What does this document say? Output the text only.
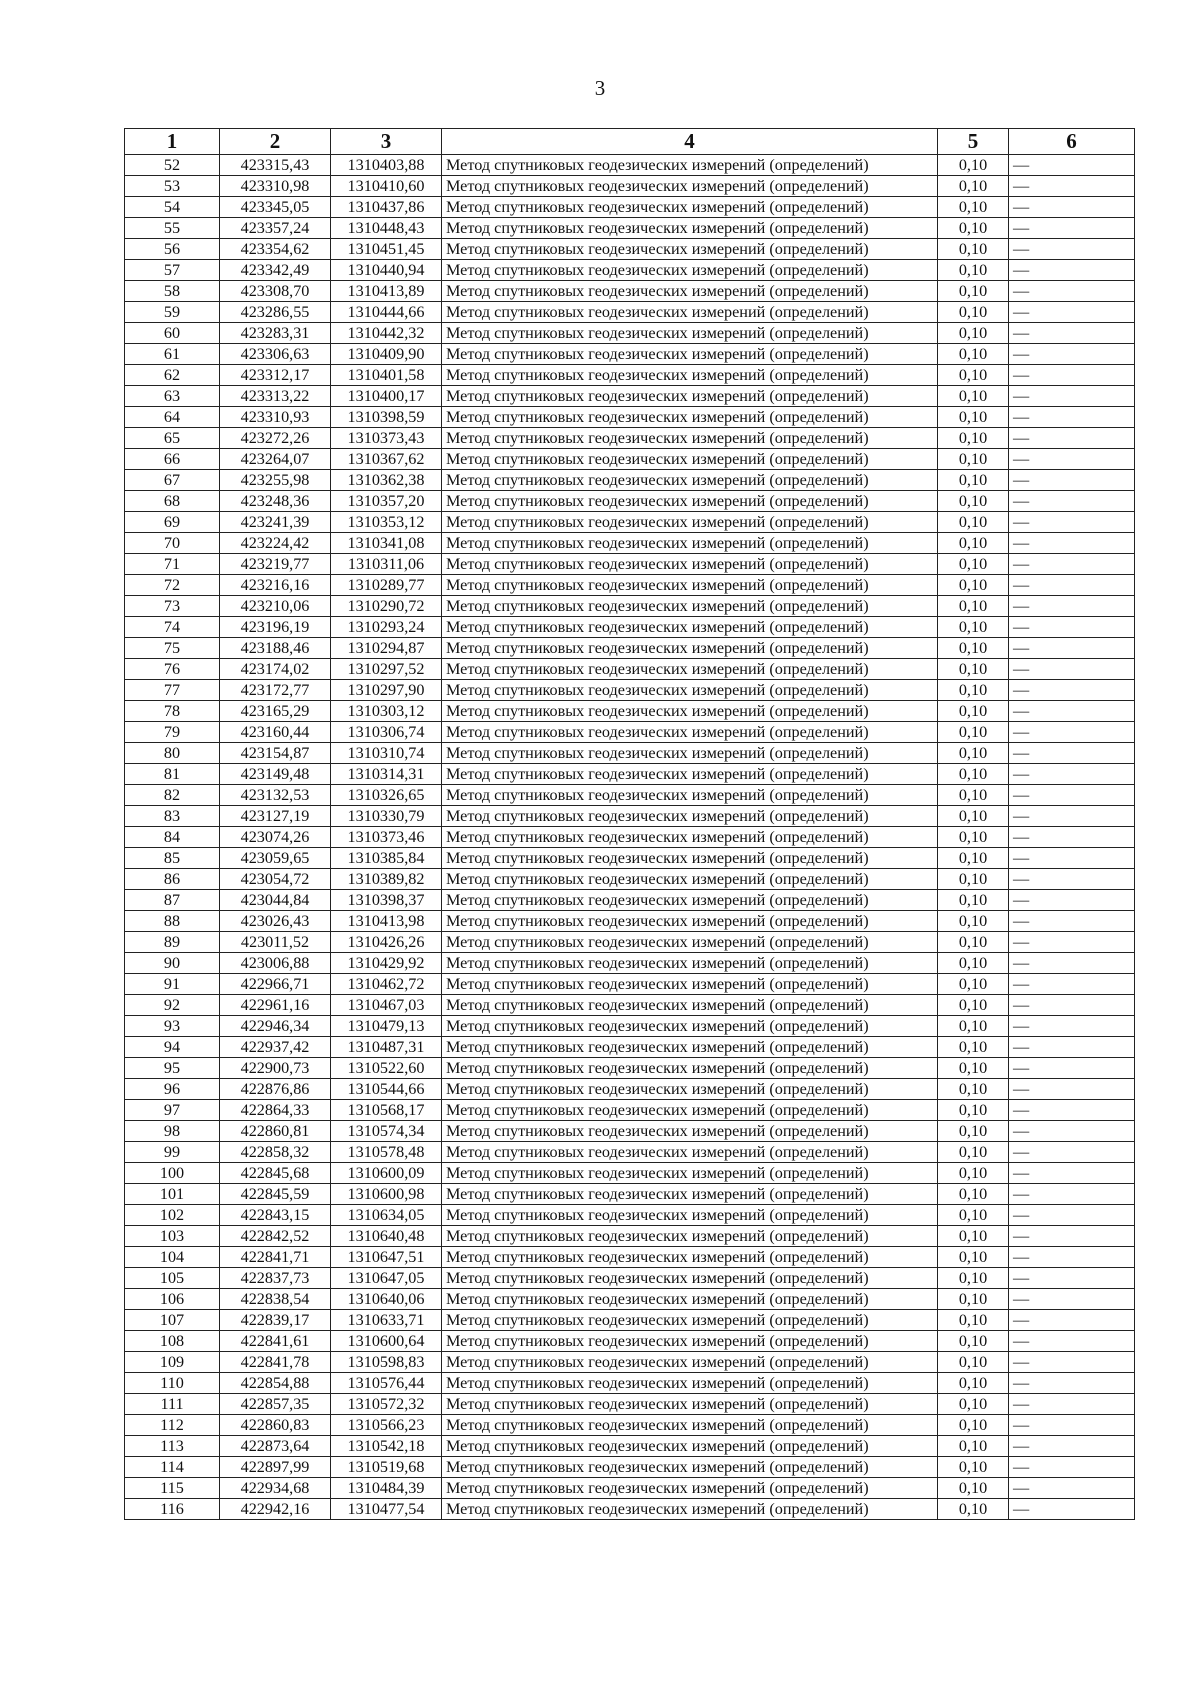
3
1	2	3	4	5	6
52	423315,43	1310403,88	Метод спутниковых геодезических измерений (определений)	0,10	—
53	423310,98	1310410,60	Метод спутниковых геодезических измерений (определений)	0,10	—
54	423345,05	1310437,86	Метод спутниковых геодезических измерений (определений)	0,10	—
55	423357,24	1310448,43	Метод спутниковых геодезических измерений (определений)	0,10	—
56	423354,62	1310451,45	Метод спутниковых геодезических измерений (определений)	0,10	—
57	423342,49	1310440,94	Метод спутниковых геодезических измерений (определений)	0,10	—
58	423308,70	1310413,89	Метод спутниковых геодезических измерений (определений)	0,10	—
59	423286,55	1310444,66	Метод спутниковых геодезических измерений (определений)	0,10	—
60	423283,31	1310442,32	Метод спутниковых геодезических измерений (определений)	0,10	—
61	423306,63	1310409,90	Метод спутниковых геодезических измерений (определений)	0,10	—
62	423312,17	1310401,58	Метод спутниковых геодезических измерений (определений)	0,10	—
63	423313,22	1310400,17	Метод спутниковых геодезических измерений (определений)	0,10	—
64	423310,93	1310398,59	Метод спутниковых геодезических измерений (определений)	0,10	—
65	423272,26	1310373,43	Метод спутниковых геодезических измерений (определений)	0,10	—
66	423264,07	1310367,62	Метод спутниковых геодезических измерений (определений)	0,10	—
67	423255,98	1310362,38	Метод спутниковых геодезических измерений (определений)	0,10	—
68	423248,36	1310357,20	Метод спутниковых геодезических измерений (определений)	0,10	—
69	423241,39	1310353,12	Метод спутниковых геодезических измерений (определений)	0,10	—
70	423224,42	1310341,08	Метод спутниковых геодезических измерений (определений)	0,10	—
71	423219,77	1310311,06	Метод спутниковых геодезических измерений (определений)	0,10	—
72	423216,16	1310289,77	Метод спутниковых геодезических измерений (определений)	0,10	—
73	423210,06	1310290,72	Метод спутниковых геодезических измерений (определений)	0,10	—
74	423196,19	1310293,24	Метод спутниковых геодезических измерений (определений)	0,10	—
75	423188,46	1310294,87	Метод спутниковых геодезических измерений (определений)	0,10	—
76	423174,02	1310297,52	Метод спутниковых геодезических измерений (определений)	0,10	—
77	423172,77	1310297,90	Метод спутниковых геодезических измерений (определений)	0,10	—
78	423165,29	1310303,12	Метод спутниковых геодезических измерений (определений)	0,10	—
79	423160,44	1310306,74	Метод спутниковых геодезических измерений (определений)	0,10	—
80	423154,87	1310310,74	Метод спутниковых геодезических измерений (определений)	0,10	—
81	423149,48	1310314,31	Метод спутниковых геодезических измерений (определений)	0,10	—
82	423132,53	1310326,65	Метод спутниковых геодезических измерений (определений)	0,10	—
83	423127,19	1310330,79	Метод спутниковых геодезических измерений (определений)	0,10	—
84	423074,26	1310373,46	Метод спутниковых геодезических измерений (определений)	0,10	—
85	423059,65	1310385,84	Метод спутниковых геодезических измерений (определений)	0,10	—
86	423054,72	1310389,82	Метод спутниковых геодезических измерений (определений)	0,10	—
87	423044,84	1310398,37	Метод спутниковых геодезических измерений (определений)	0,10	—
88	423026,43	1310413,98	Метод спутниковых геодезических измерений (определений)	0,10	—
89	423011,52	1310426,26	Метод спутниковых геодезических измерений (определений)	0,10	—
90	423006,88	1310429,92	Метод спутниковых геодезических измерений (определений)	0,10	—
91	422966,71	1310462,72	Метод спутниковых геодезических измерений (определений)	0,10	—
92	422961,16	1310467,03	Метод спутниковых геодезических измерений (определений)	0,10	—
93	422946,34	1310479,13	Метод спутниковых геодезических измерений (определений)	0,10	—
94	422937,42	1310487,31	Метод спутниковых геодезических измерений (определений)	0,10	—
95	422900,73	1310522,60	Метод спутниковых геодезических измерений (определений)	0,10	—
96	422876,86	1310544,66	Метод спутниковых геодезических измерений (определений)	0,10	—
97	422864,33	1310568,17	Метод спутниковых геодезических измерений (определений)	0,10	—
98	422860,81	1310574,34	Метод спутниковых геодезических измерений (определений)	0,10	—
99	422858,32	1310578,48	Метод спутниковых геодезических измерений (определений)	0,10	—
100	422845,68	1310600,09	Метод спутниковых геодезических измерений (определений)	0,10	—
101	422845,59	1310600,98	Метод спутниковых геодезических измерений (определений)	0,10	—
102	422843,15	1310634,05	Метод спутниковых геодезических измерений (определений)	0,10	—
103	422842,52	1310640,48	Метод спутниковых геодезических измерений (определений)	0,10	—
104	422841,71	1310647,51	Метод спутниковых геодезических измерений (определений)	0,10	—
105	422837,73	1310647,05	Метод спутниковых геодезических измерений (определений)	0,10	—
106	422838,54	1310640,06	Метод спутниковых геодезических измерений (определений)	0,10	—
107	422839,17	1310633,71	Метод спутниковых геодезических измерений (определений)	0,10	—
108	422841,61	1310600,64	Метод спутниковых геодезических измерений (определений)	0,10	—
109	422841,78	1310598,83	Метод спутниковых геодезических измерений (определений)	0,10	—
110	422854,88	1310576,44	Метод спутниковых геодезических измерений (определений)	0,10	—
111	422857,35	1310572,32	Метод спутниковых геодезических измерений (определений)	0,10	—
112	422860,83	1310566,23	Метод спутниковых геодезических измерений (определений)	0,10	—
113	422873,64	1310542,18	Метод спутниковых геодезических измерений (определений)	0,10	—
114	422897,99	1310519,68	Метод спутниковых геодезических измерений (определений)	0,10	—
115	422934,68	1310484,39	Метод спутниковых геодезических измерений (определений)	0,10	—
116	422942,16	1310477,54	Метод спутниковых геодезических измерений (определений)	0,10	—
